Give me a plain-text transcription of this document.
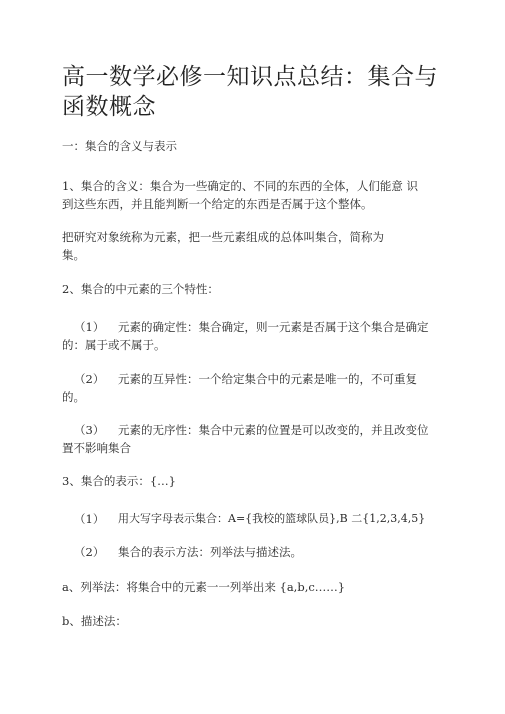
高一数学必修一知识点总结：集合与函数概念
一：集合的含义与表示
1、集合的含义：集合为一些确定的、不同的东西的全体，人们能意 识
到这些东西，并且能判断一个给定的东西是否属于这个整体。
把研究对象统称为元素，把一些元素组成的总体叫集合，简称为
集。
2、集合的中元素的三个特性：
（1） 元素的确定性：集合确定，则一元素是否属于这个集合是确定
的：属于或不属于。
（2） 元素的互异性：一个给定集合中的元素是唯一的，不可重复
的。
（3） 元素的无序性：集合中元素的位置是可以改变的，并且改变位
置不影响集合
3、集合的表示：{…}
（1） 用大写字母表示集合：A={我校的篮球队员},B 二{1,2,3,4,5}
（2） 集合的表示方法：列举法与描述法。
a、列举法：将集合中的元素一一列举出来 {a,b,c……}
b、描述法：
